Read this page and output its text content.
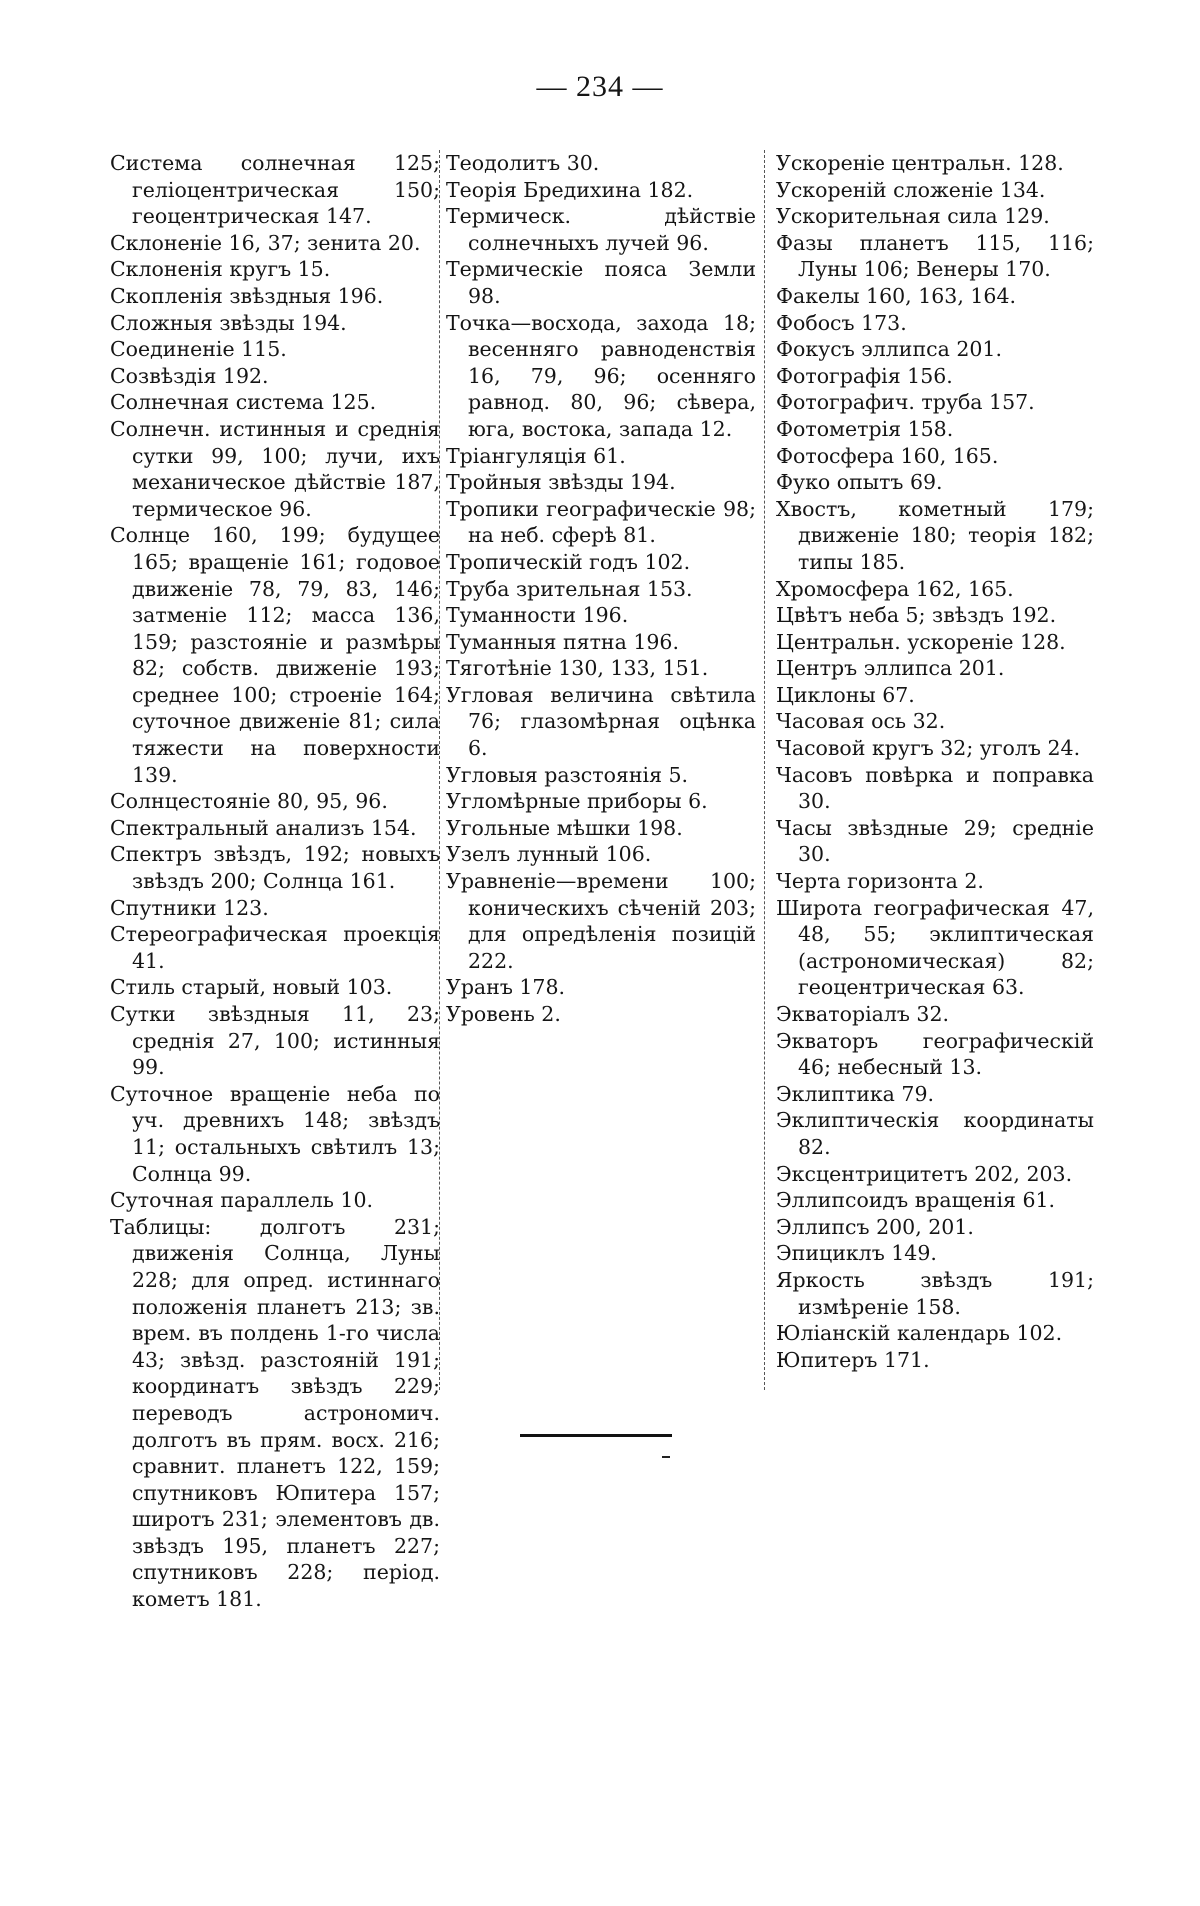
— 234 —

Система солнечная 125; геліоцентрическая 150; геоцентрическая 147.

Склоненіе 16, 37; зенита 20.

Склоненія кругъ 15.

Скопленія звѣздныя 196.

Сложныя звѣзды 194.

Соединеніе 115.

Созвѣздія 192.

Солнечная система 125.

Солнечн. истинныя и среднія сутки 99, 100; лучи, ихъ механическое дѣйствіе 187, термическое 96.

Солнце 160, 199; будущее 165; вращеніе 161; годовое движеніе 78, 79, 83, 146; затменіе 112; масса 136, 159; разстояніе и размѣры 82; собств. движеніе 193; среднее 100; строеніе 164; суточное движеніе 81; сила тяжести на поверхности 139.

Солнцестояніе 80, 95, 96.

Спектральный анализъ 154.

Спектръ звѣздъ, 192; новыхъ звѣздъ 200; Солнца 161.

Спутники 123.

Стереографическая проекція 41.

Стиль старый, новый 103.

Сутки звѣздныя 11, 23; среднія 27, 100; истинныя 99.

Суточное вращеніе неба по уч. древнихъ 148; звѣздъ 11; остальныхъ свѣтилъ 13; Солнца 99.

Суточная параллель 10.

Таблицы: долготъ 231; движенія Солнца, Луны 228; для опред. истиннаго положенія планетъ 213; зв. врем. въ полдень 1-го числа 43; звѣзд. разстояній 191; координатъ звѣздъ 229; переводъ астрономич. долготъ въ прям. восх. 216; сравнит. планетъ 122, 159; спутниковъ Юпитера 157; широтъ 231; элементовъ дв. звѣздъ 195, планетъ 227; спутниковъ 228; період. кометъ 181.

Теодолитъ 30.

Теорія Бредихина 182.

Термическ. дѣйствіе солнечныхъ лучей 96.

Термическіе пояса Земли 98.

Точка—восхода, захода 18; весенняго равноденствія 16, 79, 96; осенняго равнод. 80, 96; сѣвера, юга, востока, запада 12.

Тріангуляція 61.

Тройныя звѣзды 194.

Тропики географическіе 98; на неб. сферѣ 81.

Тропическій годъ 102.

Труба зрительная 153.

Туманности 196.

Туманныя пятна 196.

Тяготѣніе 130, 133, 151.

Угловая величина свѣтила 76; глазомѣрная оцѣнка 6.

Угловыя разстоянія 5.

Угломѣрные приборы 6.

Угольные мѣшки 198.

Узелъ лунный 106.

Уравненіе—времени 100; коническихъ сѣченій 203; для опредѣленія позицій 222.

Уранъ 178.

Уровень 2.

Ускореніе центральн. 128.

Ускореній сложеніе 134.

Ускорительная сила 129.

Фазы планетъ 115, 116; Луны 106; Венеры 170.

Факелы 160, 163, 164.

Фобосъ 173.

Фокусъ эллипса 201.

Фотографія 156.

Фотографич. труба 157.

Фотометрія 158.

Фотосфера 160, 165.

Фуко опытъ 69.

Хвостъ, кометный 179; движеніе 180; теорія 182; типы 185.

Хромосфера 162, 165.

Цвѣтъ неба 5; звѣздъ 192.

Центральн. ускореніе 128.

Центръ эллипса 201.

Циклоны 67.

Часовая ось 32.

Часовой кругъ 32; уголъ 24.

Часовъ повѣрка и поправка 30.

Часы звѣздные 29; средніе 30.

Черта горизонта 2.

Широта географическая 47, 48, 55; эклиптическая (астрономическая) 82; геоцентрическая 63.

Экваторіалъ 32.

Экваторъ географическій 46; небесный 13.

Эклиптика 79.

Эклиптическія координаты 82.

Эксцентрицитетъ 202, 203.

Эллипсоидъ вращенія 61.

Эллипсъ 200, 201.

Эпициклъ 149.

Яркость звѣздъ 191; измѣреніе 158.

Юліанскій календарь 102.

Юпитеръ 171.
